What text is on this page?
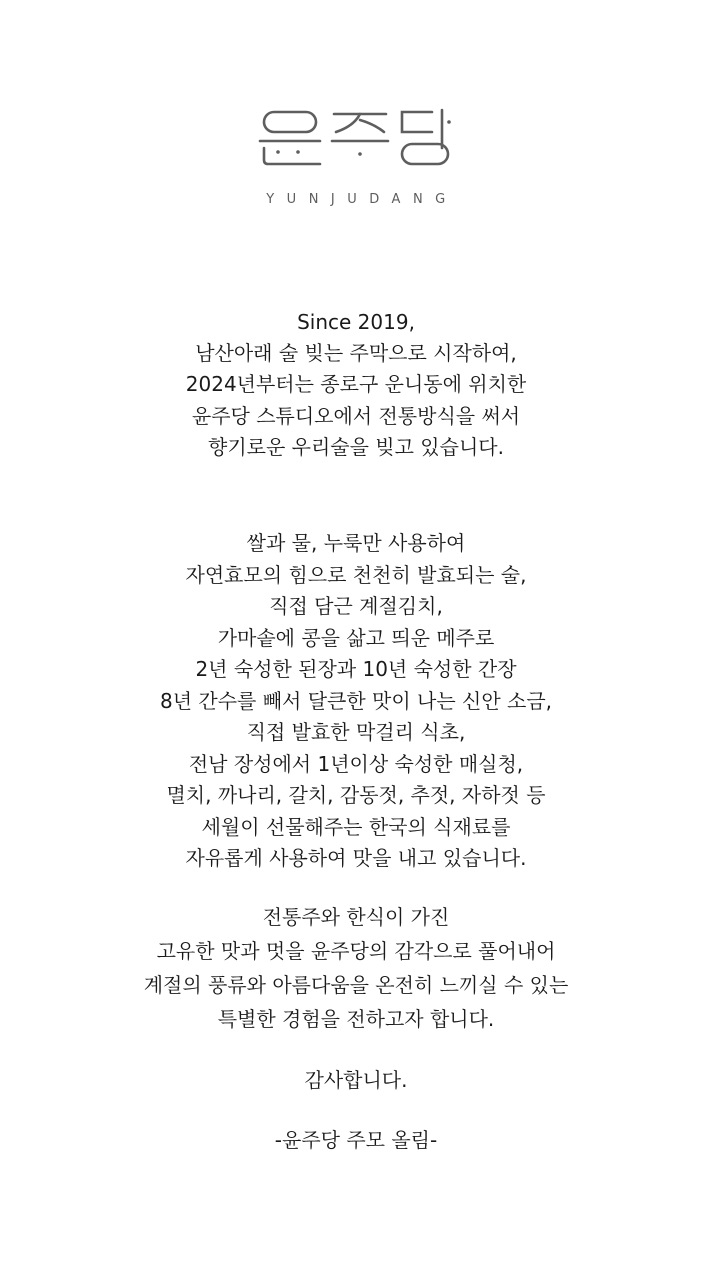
YUNJUDANG
Since 2019,
남산아래 술 빚는 주막으로 시작하여,
2024년부터는 종로구 운니동에 위치한
윤주당 스튜디오에서 전통방식을 써서
향기로운 우리술을 빚고 있습니다.
쌀과 물, 누룩만 사용하여
자연효모의 힘으로 천천히 발효되는 술,
직접 담근 계절김치,
가마솥에 콩을 삶고 띄운 메주로
2년 숙성한 된장과 10년 숙성한 간장
8년 간수를 빼서 달큰한 맛이 나는 신안 소금,
직접 발효한 막걸리 식초,
전남 장성에서 1년이상 숙성한 매실청,
멸치, 까나리, 갈치, 감동젓, 추젓, 자하젓 등
세월이 선물해주는 한국의 식재료를
자유롭게 사용하여 맛을 내고 있습니다.
전통주와 한식이 가진
고유한 맛과 멋을 윤주당의 감각으로 풀어내어
계절의 풍류와 아름다움을 온전히 느끼실 수 있는
특별한 경험을 전하고자 합니다.
감사합니다.
-윤주당 주모 올림-
